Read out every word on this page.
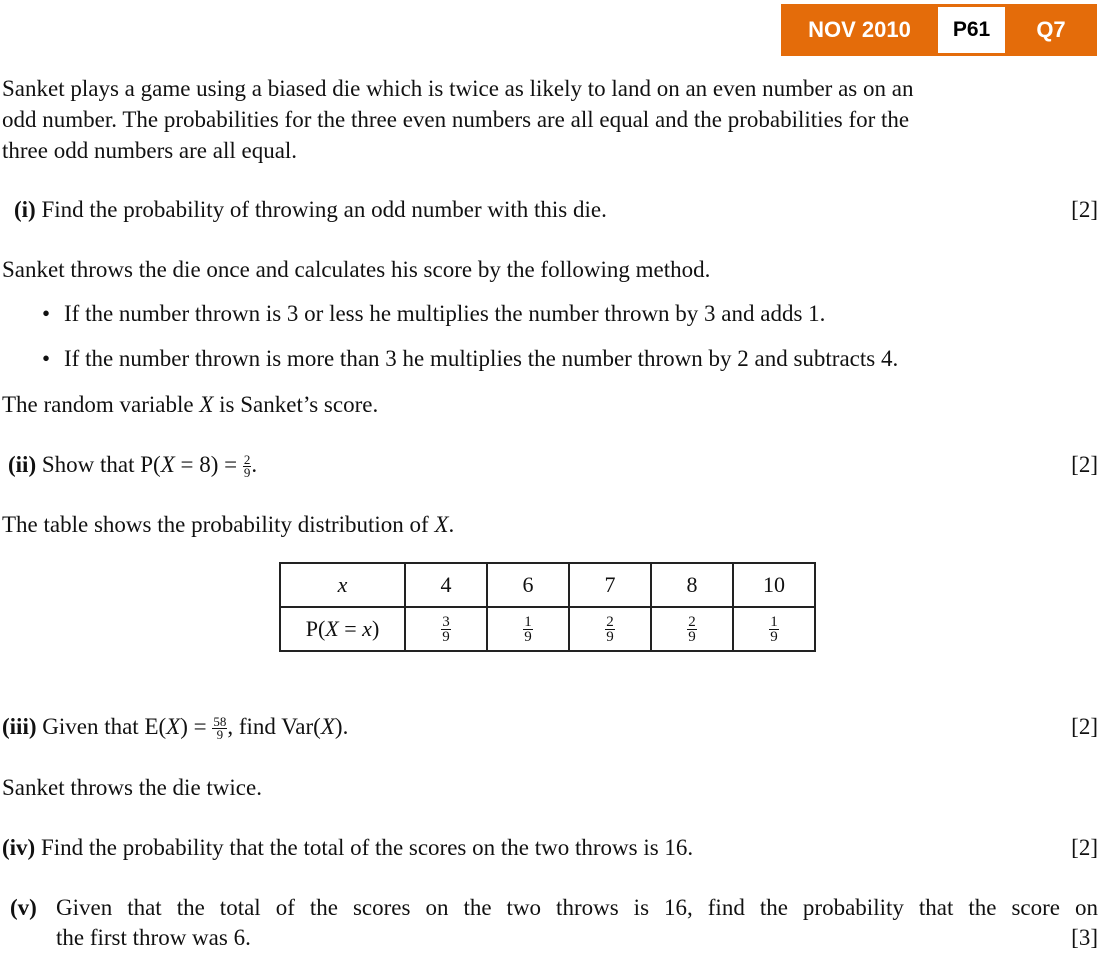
NOV 2010	P61	Q7
Sanket plays a game using a biased die which is twice as likely to land on an even number as on an
odd number. The probabilities for the three even numbers are all equal and the probabilities for the
three odd numbers are all equal.
(i) Find the probability of throwing an odd number with this die.	[2]
Sanket throws the die once and calculates his score by the following method.
• If the number thrown is 3 or less he multiplies the number thrown by 3 and adds 1.
• If the number thrown is more than 3 he multiplies the number thrown by 2 and subtracts 4.
The random variable X is Sanket’s score.
(ii) Show that $P(X = 8) = \frac{2}{9}$ .	[2]
The table shows the probability distribution of X.
x	4	6	7	8	10
P(X = x)	$\frac{3}{9}$	$\frac{1}{9}$	$\frac{2}{9}$	$\frac{2}{9}$	$\frac{1}{9}$
(iii) Given that $E(X) = \frac{58}{9}$ , find Var(X).	[2]
Sanket throws the die twice.
(iv) Find the probability that the total of the scores on the two throws is 16.	[2]
(v) Given that the total of the scores on the two throws is 16, find the probability that the score on
the first throw was 6.	[3]
